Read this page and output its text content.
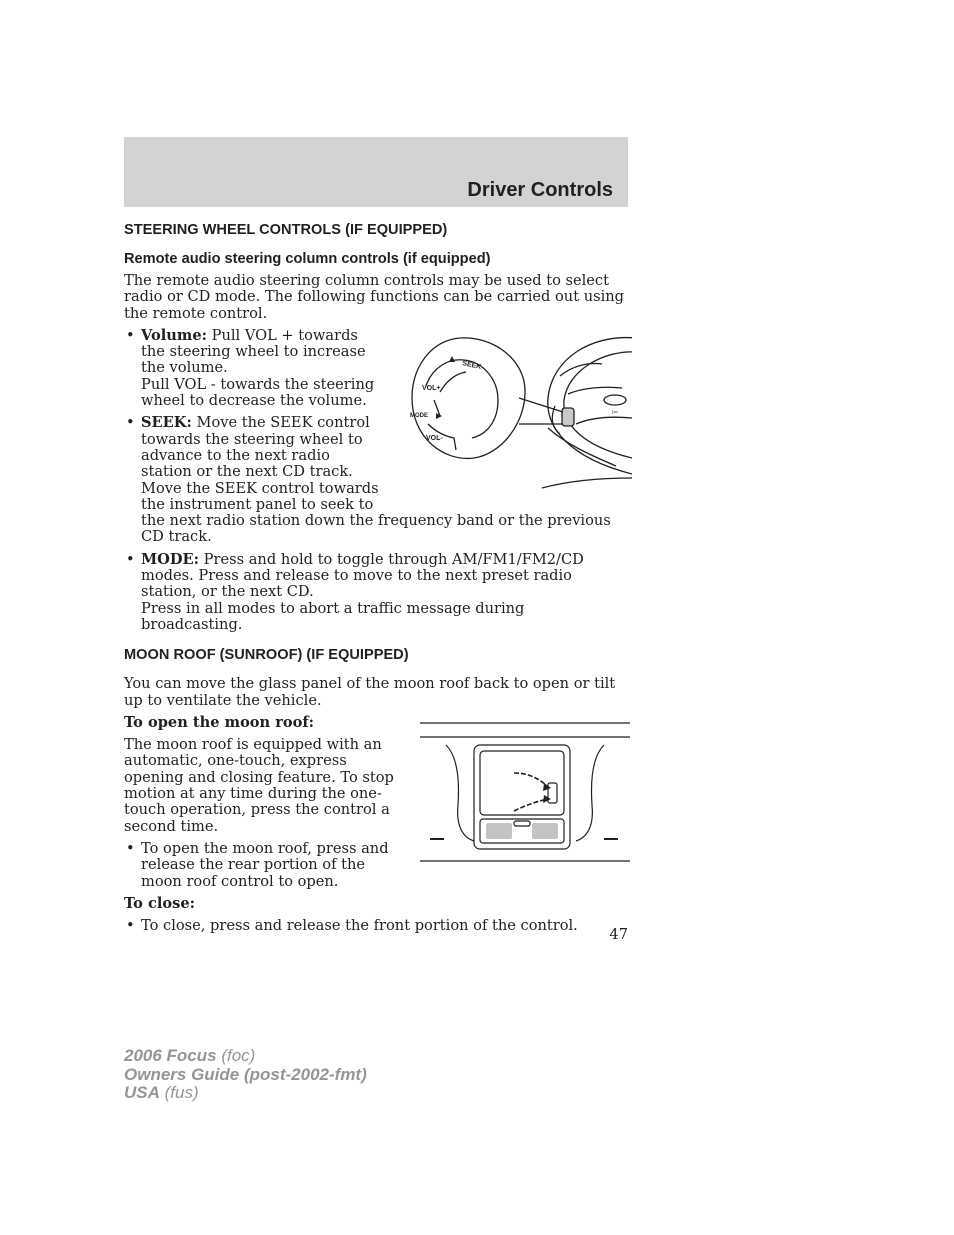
Driver Controls
STEERING WHEEL CONTROLS (IF EQUIPPED)
Remote audio steering column controls (if equipped)

The remote audio steering column controls may be used to select radio or CD mode. The following functions can be carried out using the remote control.

Jac
SEEK
VOL+
MODE
VOL-
• Volume: Pull VOL + towards the steering wheel to increase the volume.
Pull VOL - towards the steering wheel to decrease the volume.
• SEEK: Move the SEEK control towards the steering wheel to advance to the next radio station or the next CD track.
Move the SEEK control towards the instrument panel to seek to the next radio station down the frequency band or the previous CD track.
• MODE: Press and hold to toggle through AM/FM1/FM2/CD modes. Press and release to move to the next preset radio station, or the next CD.
Press in all modes to abort a traffic message during broadcasting.
MOON ROOF (SUNROOF) (IF EQUIPPED)

You can move the glass panel of the moon roof back to open or tilt up to ventilate the vehicle.

To open the moon roof:

The moon roof is equipped with an automatic, one-touch, express opening and closing feature. To stop motion at any time during the one-touch operation, press the control a second time.

• To open the moon roof, press and release the rear portion of the moon roof control to open.

To close:

• To close, press and release the front portion of the control.
47
2006 Focus (foc)
Owners Guide (post-2002-fmt)
USA (fus)
